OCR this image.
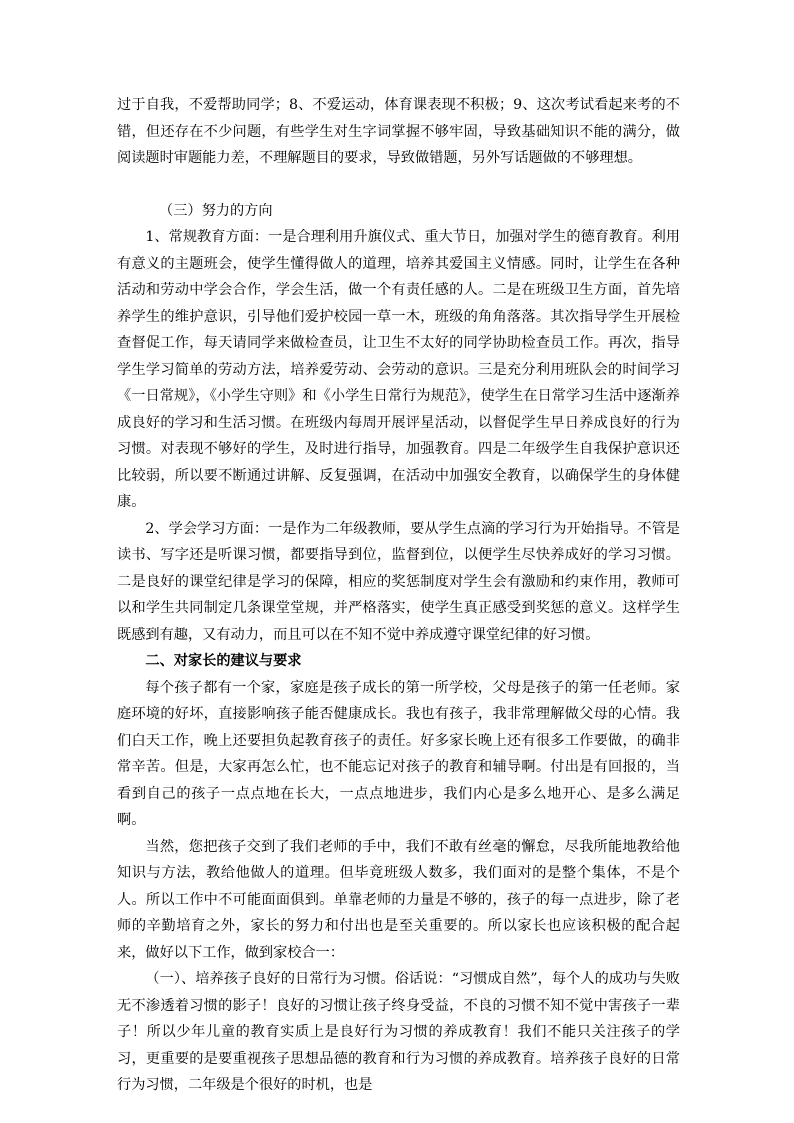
过于自我，不爱帮助同学；8、不爱运动，体育课表现不积极；9、这次考试看起来考的不错，但还存在不少问题，有些学生对生字词掌握不够牢固，导致基础知识不能的满分，做阅读题时审题能力差，不理解题目的要求，导致做错题，另外写话题做的不够理想。

（三）努力的方向

1、常规教育方面：一是合理利用升旗仪式、重大节日，加强对学生的德育教育。利用有意义的主题班会，使学生懂得做人的道理，培养其爱国主义情感。同时，让学生在各种活动和劳动中学会合作，学会生活，做一个有责任感的人。二是在班级卫生方面，首先培养学生的维护意识，引导他们爱护校园一草一木，班级的角角落落。其次指导学生开展检查督促工作，每天请同学来做检查员，让卫生不太好的同学协助检查员工作。再次，指导学生学习简单的劳动方法，培养爱劳动、会劳动的意识。三是充分利用班队会的时间学习《一日常规》，《小学生守则》和《小学生日常行为规范》，使学生在日常学习生活中逐渐养成良好的学习和生活习惯。在班级内每周开展评星活动，以督促学生早日养成良好的行为习惯。对表现不够好的学生，及时进行指导，加强教育。四是二年级学生自我保护意识还比较弱，所以要不断通过讲解、反复强调，在活动中加强安全教育，以确保学生的身体健康。

2、学会学习方面：一是作为二年级教师，要从学生点滴的学习行为开始指导。不管是读书、写字还是听课习惯，都要指导到位，监督到位，以便学生尽快养成好的学习习惯。二是良好的课堂纪律是学习的保障，相应的奖惩制度对学生会有激励和约束作用，教师可以和学生共同制定几条课堂堂规，并严格落实，使学生真正感受到奖惩的意义。这样学生既感到有趣，又有动力，而且可以在不知不觉中养成遵守课堂纪律的好习惯。

二、对家长的建议与要求

每个孩子都有一个家，家庭是孩子成长的第一所学校，父母是孩子的第一任老师。家庭环境的好坏，直接影响孩子能否健康成长。我也有孩子，我非常理解做父母的心情。我们白天工作，晚上还要担负起教育孩子的责任。好多家长晚上还有很多工作要做，的确非常辛苦。但是，大家再怎么忙，也不能忘记对孩子的教育和辅导啊。付出是有回报的，当看到自己的孩子一点点地在长大，一点点地进步，我们内心是多么地开心、是多么满足啊。

当然，您把孩子交到了我们老师的手中，我们不敢有丝毫的懈怠，尽我所能地教给他知识与方法，教给他做人的道理。但毕竟班级人数多，我们面对的是整个集体，不是个人。所以工作中不可能面面俱到。单靠老师的力量是不够的，孩子的每一点进步，除了老师的辛勤培育之外，家长的努力和付出也是至关重要的。所以家长也应该积极的配合起来，做好以下工作，做到家校合一：

（一）、培养孩子良好的日常行为习惯。俗话说：“习惯成自然”，每个人的成功与失败无不渗透着习惯的影子！良好的习惯让孩子终身受益，不良的习惯不知不觉中害孩子一辈子！所以少年儿童的教育实质上是良好行为习惯的养成教育！我们不能只关注孩子的学习，更重要的是要重视孩子思想品德的教育和行为习惯的养成教育。培养孩子良好的日常行为习惯，二年级是个很好的时机，也是
